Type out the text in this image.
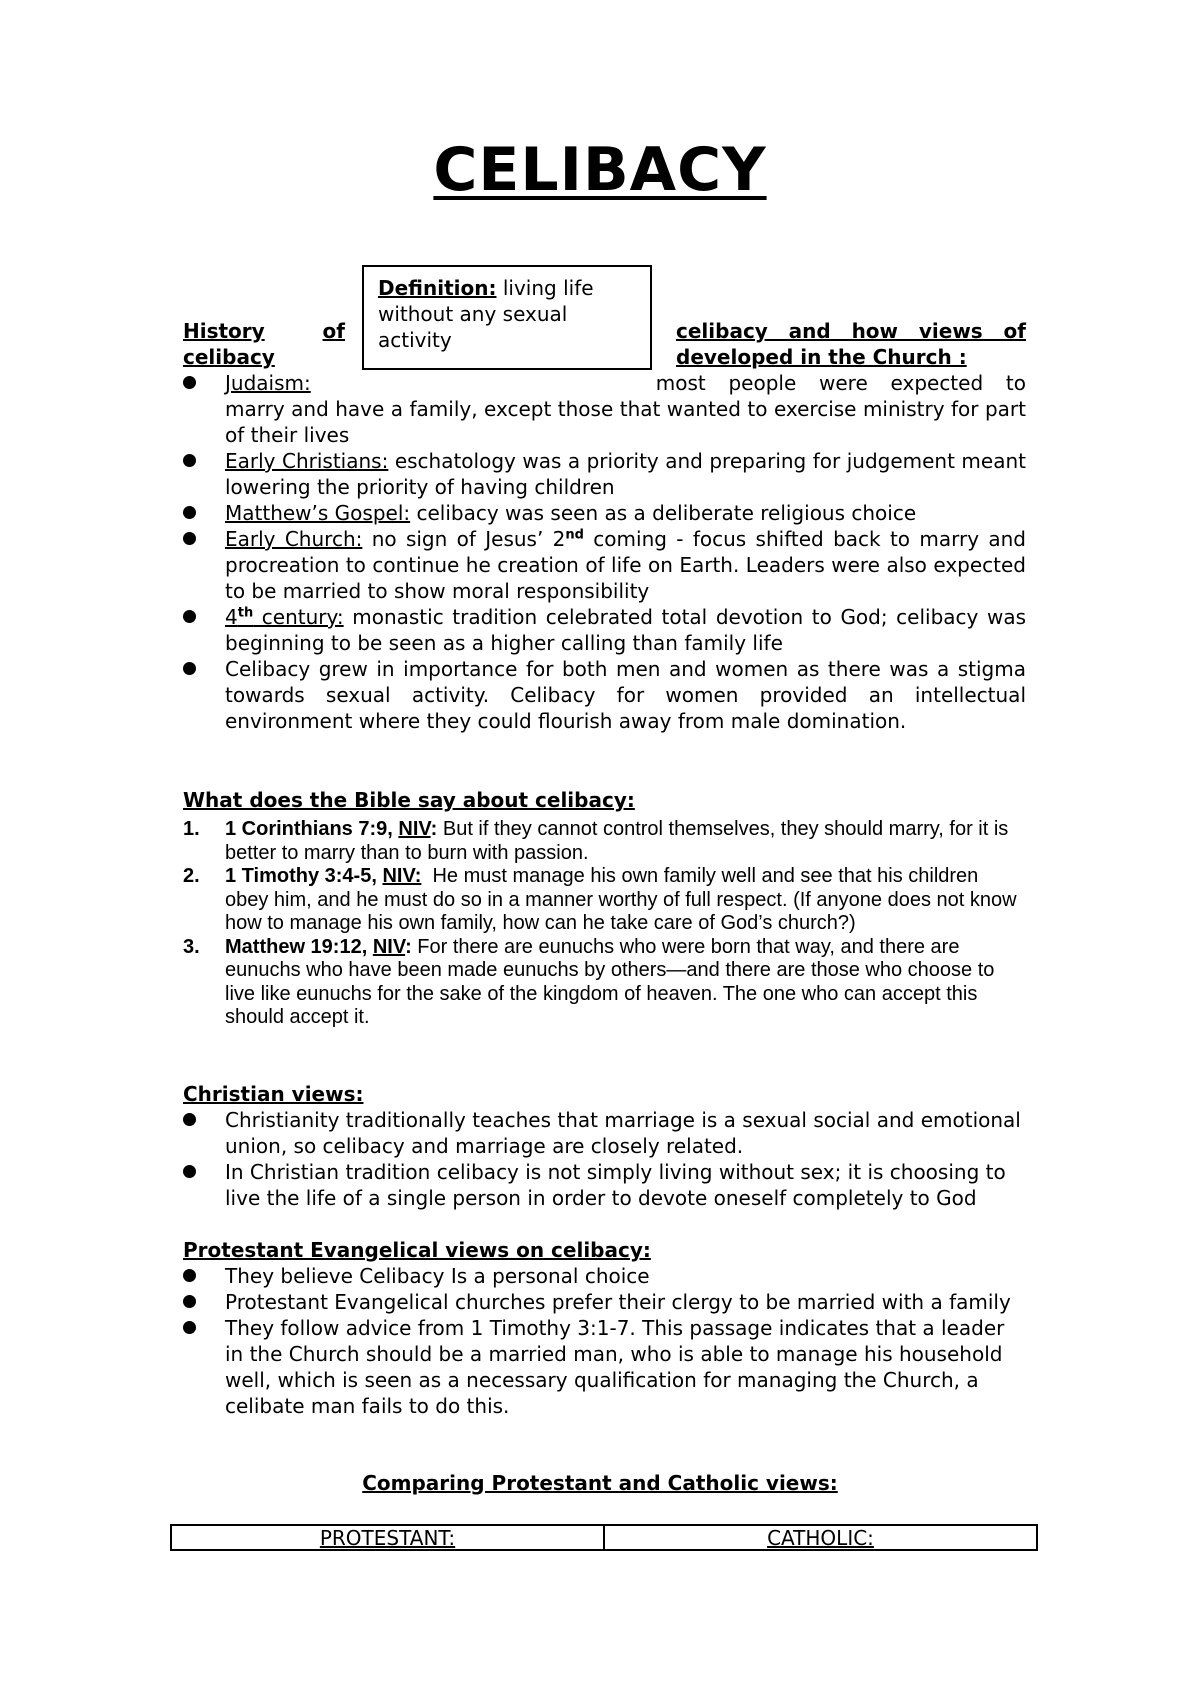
CELIBACY
Definition: living life without any sexual activity
History	of
celibacy
celibacy and how views of
developed in the Church :
Judaism:	most people were expected to marry and have a family, except those that wanted to exercise ministry for part of their lives
Early Christians: eschatology was a priority and preparing for judgement meant lowering the priority of having children
Matthew’s Gospel: celibacy was seen as a deliberate religious choice
Early Church: no sign of Jesus’ 2nd coming - focus shifted back to marry and procreation to continue he creation of life on Earth. Leaders were also expected to be married to show moral responsibility
4th century: monastic tradition celebrated total devotion to God; celibacy was beginning to be seen as a higher calling than family life
Celibacy grew in importance for both men and women as there was a stigma towards sexual activity. Celibacy for women provided an intellectual environment where they could flourish away from male domination.
What does the Bible say about celibacy:
1. 1 Corinthians 7:9, NIV: But if they cannot control themselves, they should marry, for it is better to marry than to burn with passion.
2. 1 Timothy 3:4-5, NIV:  He must manage his own family well and see that his children obey him, and he must do so in a manner worthy of full respect. (If anyone does not know how to manage his own family, how can he take care of God’s church?)
3. Matthew 19:12, NIV: For there are eunuchs who were born that way, and there are eunuchs who have been made eunuchs by others—and there are those who choose to live like eunuchs for the sake of the kingdom of heaven. The one who can accept this should accept it.
Christian views:
Christianity traditionally teaches that marriage is a sexual social and emotional union, so celibacy and marriage are closely related.
In Christian tradition celibacy is not simply living without sex; it is choosing to live the life of a single person in order to devote oneself completely to God
Protestant Evangelical views on celibacy:
They believe Celibacy Is a personal choice
Protestant Evangelical churches prefer their clergy to be married with a family
They follow advice from 1 Timothy 3:1-7. This passage indicates that a leader in the Church should be a married man, who is able to manage his household well, which is seen as a necessary qualification for managing the Church, a celibate man fails to do this.
Comparing Protestant and Catholic views:
PROTESTANT:	CATHOLIC:
